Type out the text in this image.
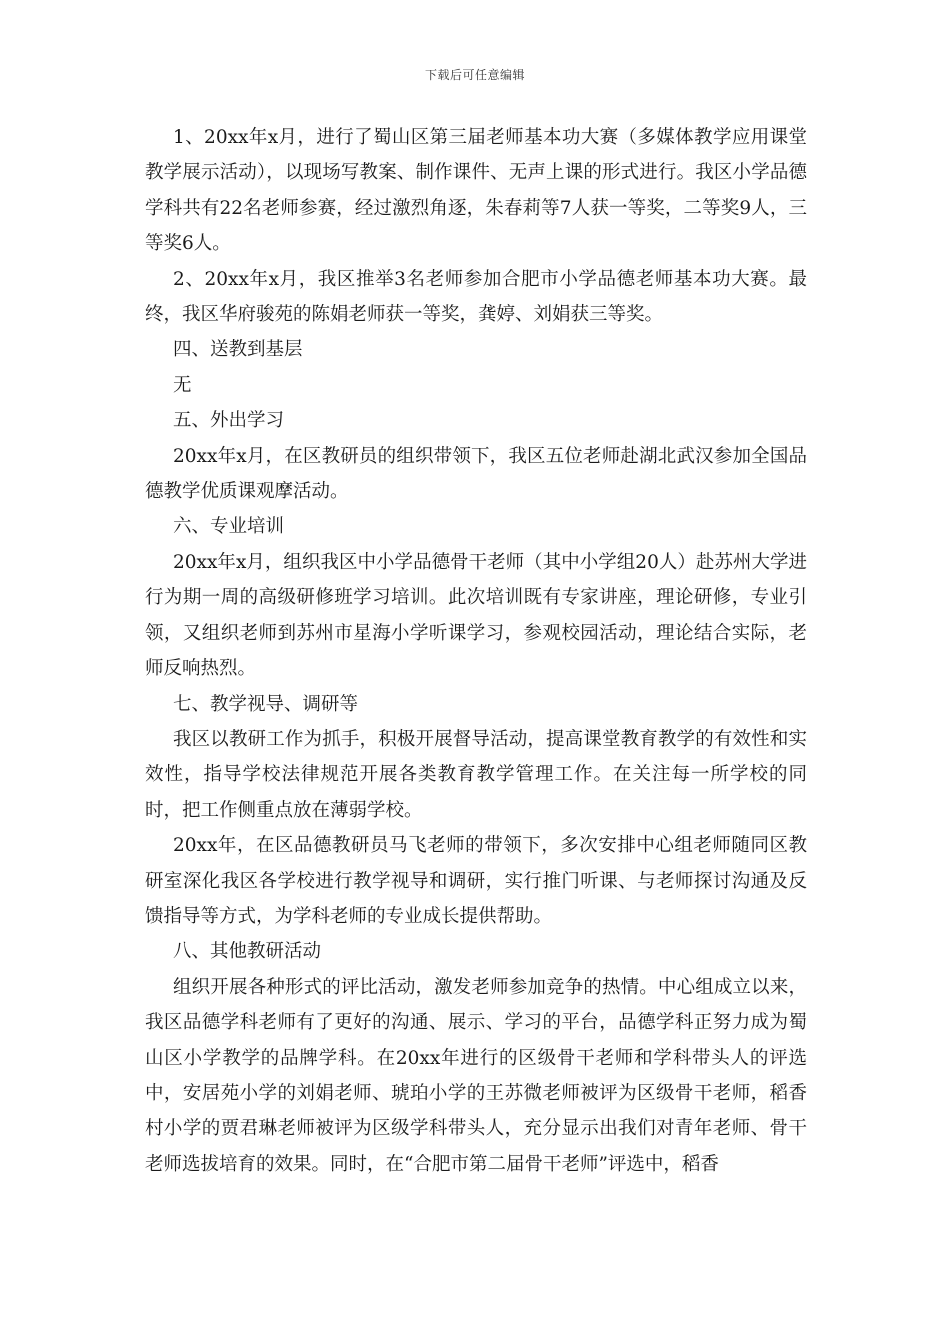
下载后可任意编辑

1、20xx年x月，进行了蜀山区第三届老师基本功大赛（多媒体教学应用课堂教学展示活动），以现场写教案、制作课件、无声上课的形式进行。我区小学品德学科共有22名老师参赛，经过激烈角逐，朱春莉等7人获一等奖，二等奖9人，三等奖6人。

2、20xx年x月，我区推举3名老师参加合肥市小学品德老师基本功大赛。最终，我区华府骏苑的陈娟老师获一等奖，龚婷、刘娟获三等奖。

四、送教到基层

无

五、外出学习

20xx年x月，在区教研员的组织带领下，我区五位老师赴湖北武汉参加全国品德教学优质课观摩活动。

六、专业培训

20xx年x月，组织我区中小学品德骨干老师（其中小学组20人）赴苏州大学进行为期一周的高级研修班学习培训。此次培训既有专家讲座，理论研修，专业引领，又组织老师到苏州市星海小学听课学习，参观校园活动，理论结合实际，老师反响热烈。

七、教学视导、调研等

我区以教研工作为抓手，积极开展督导活动，提高课堂教育教学的有效性和实效性，指导学校法律规范开展各类教育教学管理工作。在关注每一所学校的同时，把工作侧重点放在薄弱学校。

20xx年，在区品德教研员马飞老师的带领下，多次安排中心组老师随同区教研室深化我区各学校进行教学视导和调研，实行推门听课、与老师探讨沟通及反馈指导等方式，为学科老师的专业成长提供帮助。

八、其他教研活动

组织开展各种形式的评比活动，激发老师参加竞争的热情。中心组成立以来，我区品德学科老师有了更好的沟通、展示、学习的平台，品德学科正努力成为蜀山区小学教学的品牌学科。在20xx年进行的区级骨干老师和学科带头人的评选中，安居苑小学的刘娟老师、琥珀小学的王苏微老师被评为区级骨干老师，稻香村小学的贾君琳老师被评为区级学科带头人，充分显示出我们对青年老师、骨干老师选拔培育的效果。同时，在“合肥市第二届骨干老师”评选中，稻香
